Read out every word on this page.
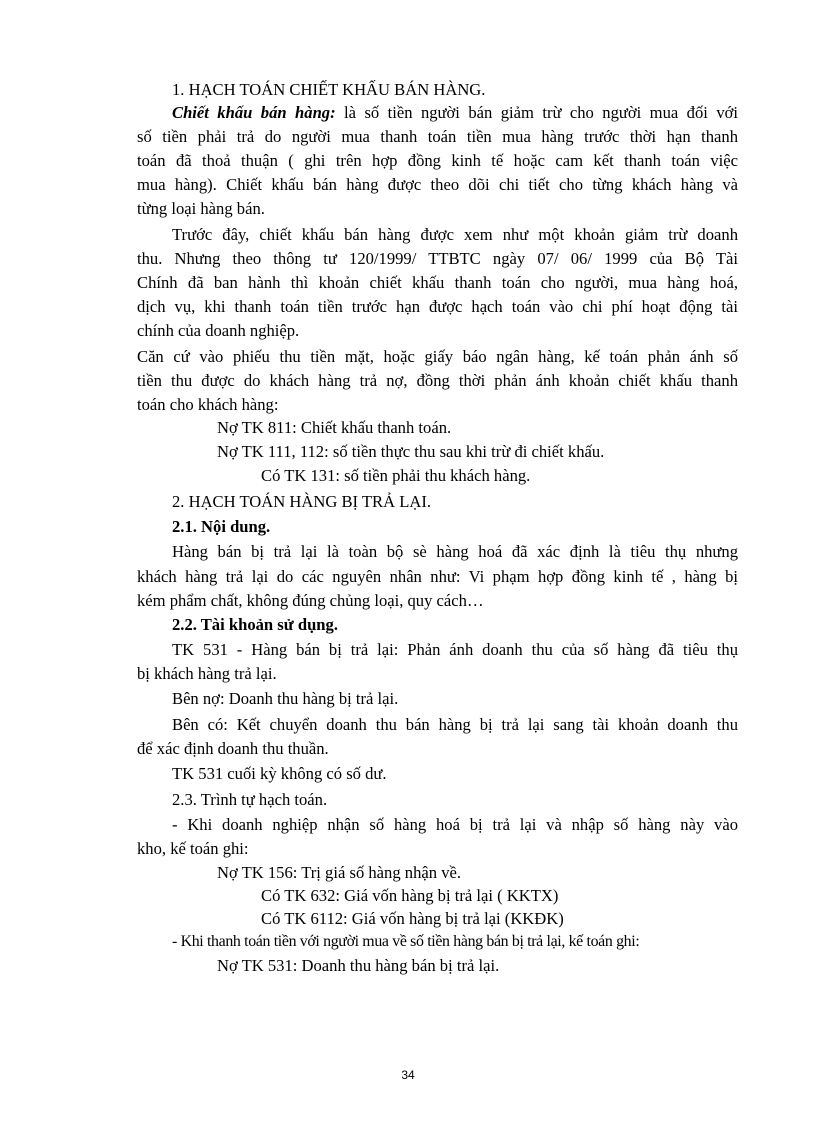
1. HẠCH TOÁN CHIẾT KHẤU BÁN HÀNG.
Chiết khấu bán hàng: là số tiền người bán giảm trừ cho người mua đối với
số tiền phải trả do người mua thanh toán tiền mua hàng trước thời hạn thanh
toán đã thoả thuận ( ghi trên hợp đồng kinh tế hoặc cam kết thanh toán việc
mua hàng). Chiết khấu bán hàng được theo dõi chi tiết cho từng khách hàng và
từng loại hàng bán.
Trước đây, chiết khấu bán hàng được xem như một khoản giảm trừ doanh
thu. Nhưng theo thông tư 120/1999/ TTBTC ngày 07/ 06/ 1999 của Bộ Tài
Chính đã ban hành thì khoản chiết khấu thanh toán cho người, mua hàng hoá,
dịch vụ, khi thanh toán tiền trước hạn được hạch toán vào chi phí hoạt động tài
chính của doanh nghiệp.
Căn cứ vào phiếu thu tiền mặt, hoặc giấy báo ngân hàng, kế toán phản ánh số
tiền thu được do khách hàng trả nợ, đồng thời phản ánh khoản chiết khấu thanh
toán cho khách hàng:
Nợ TK 811: Chiết khấu thanh toán.
Nợ TK 111, 112: số tiền thực thu sau khi trừ đi chiết khấu.
Có TK 131: số tiền phải thu khách hàng.
2. HẠCH TOÁN HÀNG BỊ TRẢ LẠI.
2.1. Nội dung.
Hàng bán bị trả lại là toàn bộ sè hàng hoá đã xác định là tiêu thụ nhưng
khách hàng trả lại do các nguyên nhân như: Vi phạm hợp đồng kinh tế , hàng bị
kém phẩm chất, không đúng chủng loại, quy cách…
2.2. Tài khoản sử dụng.
TK 531 - Hàng bán bị trả lại: Phản ánh doanh thu của số hàng đã tiêu thụ
bị khách hàng trả lại.
Bên nợ: Doanh thu hàng bị trả lại.
Bên có: Kết chuyển doanh thu bán hàng bị trả lại sang tài khoản doanh thu
để xác định doanh thu thuần.
TK 531 cuối kỳ không có số dư.
2.3. Trình tự hạch toán.
- Khi doanh nghiệp nhận số hàng hoá bị trả lại và nhập số hàng này vào
kho, kế toán ghi:
Nợ TK 156: Trị giá số hàng nhận về.
Có TK 632: Giá vốn hàng bị trả lại ( KKTX)
Có TK 6112: Giá vốn hàng bị trả lại (KKĐK)
- Khi thanh toán tiền với người mua về số tiền hàng bán bị trả lại, kế toán ghi:
Nợ TK 531: Doanh thu hàng bán bị trả lại.
34
